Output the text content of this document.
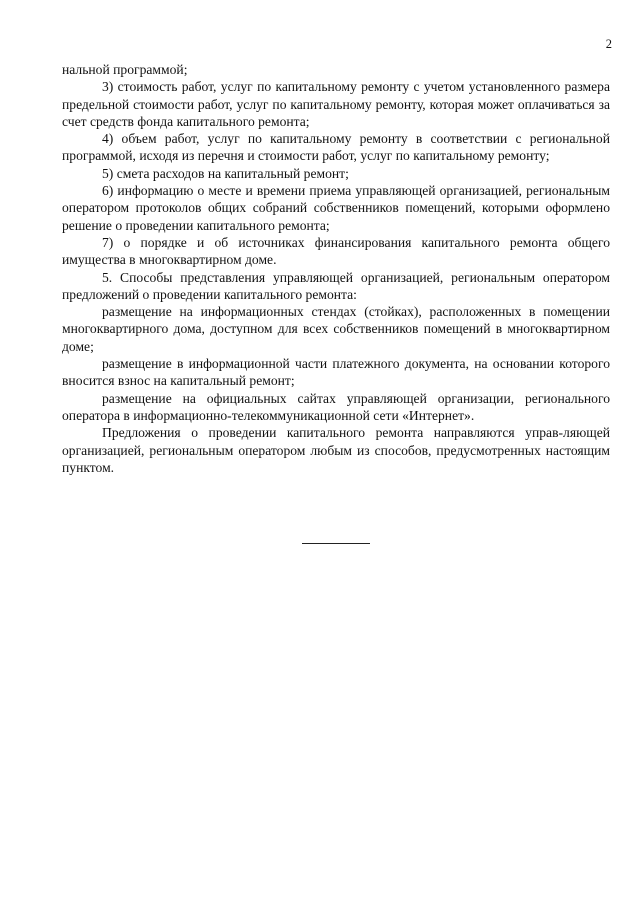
2

нальной программой;

3) стоимость работ, услуг по капитальному ремонту с учетом установленного размера предельной стоимости работ, услуг по капитальному ремонту, которая может оплачиваться за счет средств фонда капитального ремонта;

4) объем работ, услуг по капитальному ремонту в соответствии с региональной программой, исходя из перечня и стоимости работ, услуг по капитальному ремонту;

5) смета расходов на капитальный ремонт;

6) информацию о месте и времени приема управляющей организацией, региональным оператором протоколов общих собраний собственников помещений, которыми оформлено решение о проведении капитального ремонта;

7) о порядке и об источниках финансирования капитального ремонта общего имущества в многоквартирном доме.

5. Способы представления управляющей организацией, региональным оператором предложений о проведении капитального ремонта:

размещение на информационных стендах (стойках), расположенных в помещении многоквартирного дома, доступном для всех собственников помещений в многоквартирном доме;

размещение в информационной части платежного документа, на основании которого вносится взнос на капитальный ремонт;

размещение на официальных сайтах управляющей организации, регионального оператора в информационно-телекоммуникационной сети «Интернет».

Предложения о проведении капитального ремонта направляются управ-ляющей организацией, региональным оператором любым из способов, предусмотренных настоящим пунктом.
